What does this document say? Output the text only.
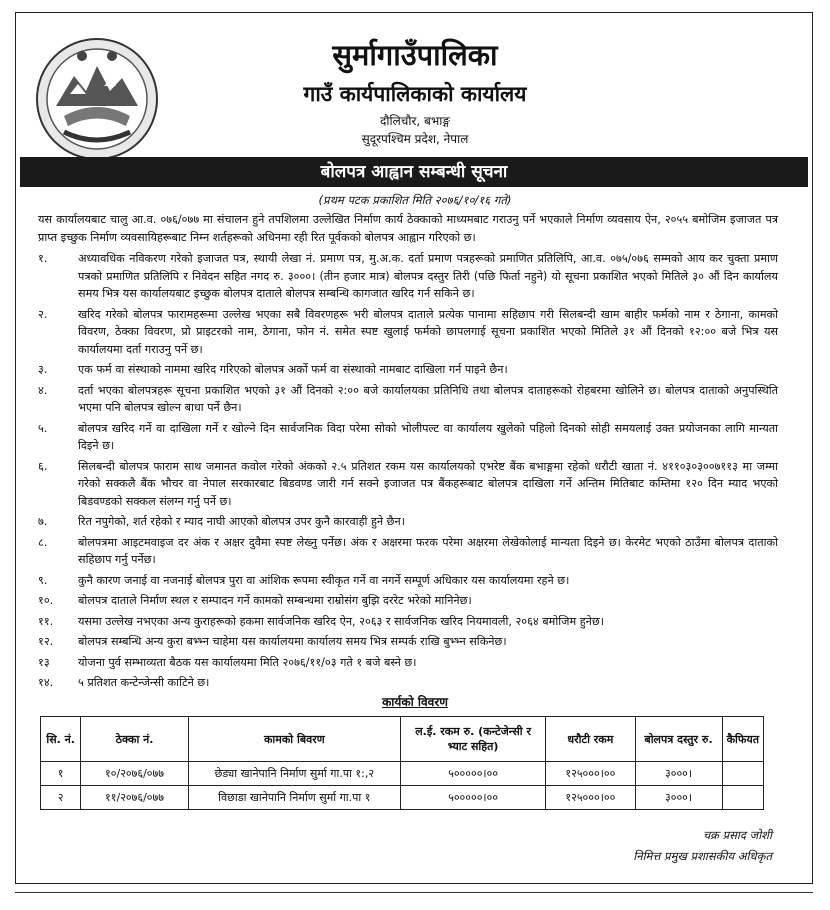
सुर्मागाउँपालिका
गाउँ कार्यपालिकाको कार्यालय
दौलिचौर, बभाङ्ग
सुदूरपश्चिम प्रदेश, नेपाल
बोलपत्र आह्वान सम्बन्धी सूचना
(प्रथम पटक प्रकाशित मिति २०७६/१०/१६ गते)
यस कार्यालयबाट चालु आ.व. ०७६/०७७ मा संचालन हुने तपशिलमा उल्लेखित निर्माण कार्य ठेक्काको माध्यमबाट गराउनु पर्ने भएकाले निर्माण व्यवसाय ऐन, २०५५ बमोजिम इजाजत पत्र प्राप्त इच्छुक निर्माण व्यवसायिहरूबाट निम्न शर्तहरूको अधिनमा रही रित पूर्वकको बोलपत्र आह्वान गरिएको छ।
१.	अध्यावधिक नविकरण गरेको इजाजत पत्र, स्थायी लेखा नं. प्रमाण पत्र, मु.अ.क. दर्ता प्रमाण पत्रहरूको प्रमाणित प्रतिलिपि, आ.व. ०७५/०७६ सम्मको आय कर चुक्ता प्रमाण पत्रको प्रमाणित प्रतिलिपि र निवेदन सहित नगद रु. ३०००। (तीन हजार मात्र) बोलपत्र दस्तुर तिरी (पछि फिर्ता नहुने) यो सूचना प्रकाशित भएको मितिले ३० औं दिन कार्यालय समय भित्र यस कार्यालयबाट इच्छुक बोलपत्र दाताले बोलपत्र सम्बन्धि कागजात खरिद गर्न सकिने छ।
२.	खरिद गरेको बोलपत्र फारामहरूमा उल्लेख भएका सबै विवरणहरू भरी बोलपत्र दाताले प्रत्येक पानामा सहिछाप गरी सिलबन्दी खाम बाहीर फर्मको नाम र ठेगाना, कामको विवरण, ठेक्का विवरण, प्रो प्राइटरको नाम, ठेगाना, फोन नं. समेत स्पष्ट खुलाई फर्मको छापलगाई सूचना प्रकाशित भएको मितिले ३१ औं दिनको १२:०० बजे भित्र यस कार्यालयमा दर्ता गराउनु पर्ने छ।
३.	एक फर्म वा संस्थाको नाममा खरिद गरिएको बोलपत्र अर्को फर्म वा संस्थाको नामबाट दाखिला गर्न पाइने छैन।
४.	दर्ता भएका बोलपत्रहरू सूचना प्रकाशित भएको ३१ औं दिनको २:०० बजे कार्यालयका प्रतिनिधि तथा बोलपत्र दाताहरूको रोहबरमा खोलिने छ। बोलपत्र दाताको अनुपस्थिति भएमा पनि बोलपत्र खोल्न बाधा पर्ने छैन।
५.	बोलपत्र खरिद गर्ने वा दाखिला गर्ने र खोल्ने दिन सार्वजनिक विदा परेमा सोको भोलीपल्ट वा कार्यालय खुलेको पहिलो दिनको सोही समयलाई उक्त प्रयोजनका लागि मान्यता दिइने छ।
६.	सिलबन्दी बोलपत्र फाराम साथ जमानत कवोल गरेको अंकको २.५ प्रतिशत रकम यस कार्यालयको एभरेष्ट बैंक बभाङ्गमा रहेको धरौटी खाता नं. ४११०३०३००७११३ मा जम्मा गरेको सक्कलै बैंक भौचर वा नेपाल सरकारबाट बिडवण्ड जारी गर्न सक्ने इजाजत पत्र बैंकहरूबाट बोलपत्र दाखिला गर्ने अन्तिम मितिबाट कम्तिमा १२० दिन म्याद भएको बिडवण्डको सक्कल संलग्न गर्नु पर्ने छ।
७.	रित नपुगेको, शर्त रहेको र म्याद नाघी आएको बोलपत्र उपर कुनै कारवाही हुने छैन।
८.	बोलपत्रमा आइटमवाइज दर अंक र अक्षर दुवैमा स्पष्ट लेख्नु पर्नेछ। अंक र अक्षरमा फरक परेमा अक्षरमा लेखेकोलाई मान्यता दिइने छ। केरमेट भएको ठाउँमा बोलपत्र दाताको सहिछाप गर्नु पर्नेछ।
९.	कुनै कारण जनाई वा नजनाई बोलपत्र पुरा वा आंशिक रूपमा स्वीकृत गर्ने वा नगर्ने सम्पूर्ण अधिकार यस कार्यालयमा रहने छ।
१०.	बोलपत्र दाताले निर्माण स्थल र सम्पादन गर्ने कामको सम्बन्धमा राम्रोसंग बुझि दररेट भरेको मानिनेछ।
११.	यसमा उल्लेख नभएका अन्य कुराहरूको हकमा सार्वजनिक खरिद ऐन, २०६३ र सार्वजनिक खरिद नियमावली, २०६४ बमोजिम हुनेछ।
१२.	बोलपत्र सम्बन्धि अन्य कुरा बभ्भ्न चाहेमा यस कार्यालयमा कार्यालय समय भित्र सम्पर्क राखि बुभ्भ्न सकिनेछ।
१३	योजना पुर्व सम्भाव्यता बैठक यस कार्यालयमा मिति २०७६/११/०३ गते १ बजे बस्ने छ।
१४.	५ प्रतिशत कन्टेन्जेन्सी काटिने छ।
कार्यको विवरण
सि. नं.	ठेक्का नं.	कामको बिवरण	ल.ई. रकम रु. (कन्टेजेन्सी र भ्याट सहित)	धरौटी रकम	बोलपत्र दस्तुर रु.	कैफियत
१	१०/२०७६/०७७	छेड्या खानेपानि निर्माण सुर्मा गा.पा १:,२	५०००००।००	१२५०००।००	३०००।	
२	११/२०७६/०७७	विछाडा खानेपानि निर्माण सुर्मा गा.पा १	५०००००।००	१२५०००।००	३०००।	
चक्र प्रसाद जोशी
निमित्त प्रमुख प्रशासकीय अधिकृत
